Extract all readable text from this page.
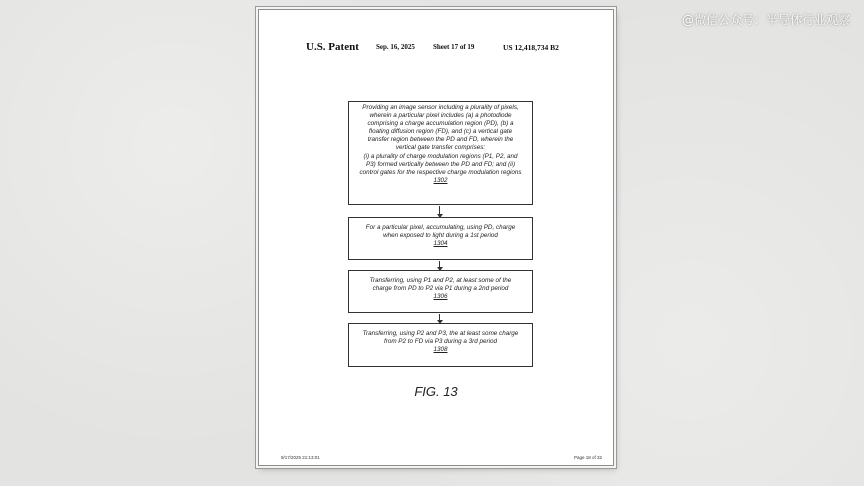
@微信公众号：半导体行业观察
U.S. Patent Sep. 16, 2025	Sheet 17 of 19	US 12,418,734 B2
Providing an image sensor including a plurality of pixels,
wherein a particular pixel includes (a) a photodiode
comprising a charge accumulation region (PD), (b) a
floating diffusion region (FD), and (c) a vertical gate
transfer region between the PD and FD, wherein the
vertical gate transfer comprises:
(i) a plurality of charge modulation regions (P1, P2, and
P3) formed vertically between the PD and FD; and (ii)
control gates for the respective charge modulation regions
1302
For a particular pixel, accumulating, using PD, charge
when exposed to light during a 1st period
1304
Transferring, using P1 and P2, at least some of the
charge from PD to P2 via P1 during a 2nd period
1306
Transferring, using P2 and P3, the at least some charge
from P2 to FD via P3 during a 3rd period
1308
FIG. 13
9/17/2025 21:13:01	Page 18 of 32
